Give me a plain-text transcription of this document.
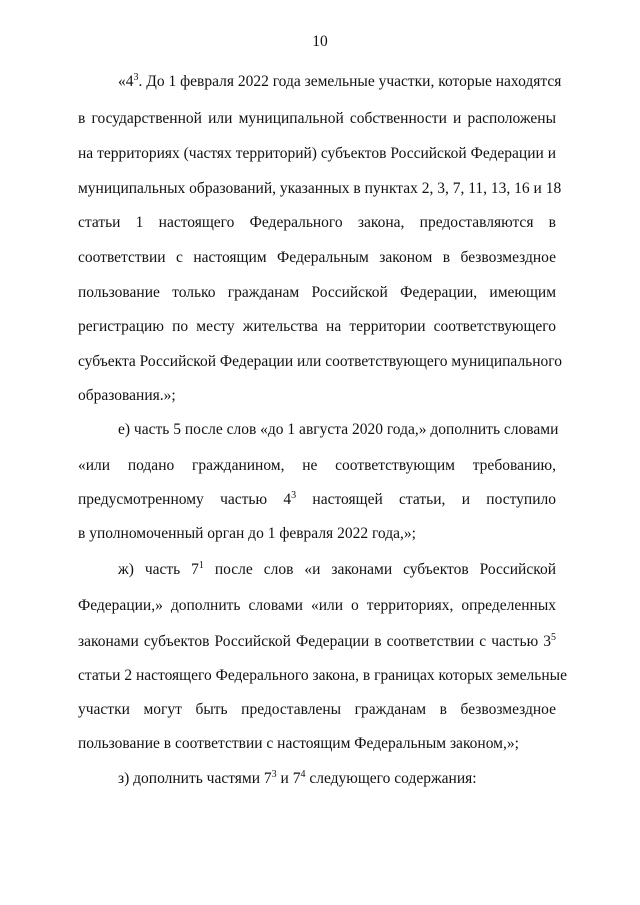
10
«$4^3$. До 1 февраля 2022 года земельные участки, которые находятся
в государственной или муниципальной собственности и расположены
на территориях (частях территорий) субъектов Российской Федерации и
муниципальных образований, указанных в пунктах 2, 3, 7, 11, 13, 16 и 18
статьи 1 настоящего Федерального закона, предоставляются в
соответствии с настоящим Федеральным законом в безвозмездное
пользование только гражданам Российской Федерации, имеющим
регистрацию по месту жительства на территории соответствующего
субъекта Российской Федерации или соответствующего муниципального
образования.»;
е) часть 5 после слов «до 1 августа 2020 года,» дополнить словами
«или подано гражданином, не соответствующим требованию,
предусмотренному частью $4^3$ настоящей статьи, и поступило
в уполномоченный орган до 1 февраля 2022 года,»;
ж) часть $7^1$ после слов «и законами субъектов Российской
Федерации,» дополнить словами «или о территориях, определенных
законами субъектов Российской Федерации в соответствии с частью $3^5$
статьи 2 настоящего Федерального закона, в границах которых земельные
участки могут быть предоставлены гражданам в безвозмездное
пользование в соответствии с настоящим Федеральным законом,»;
з) дополнить частями $7^3$ и $7^4$ следующего содержания:
